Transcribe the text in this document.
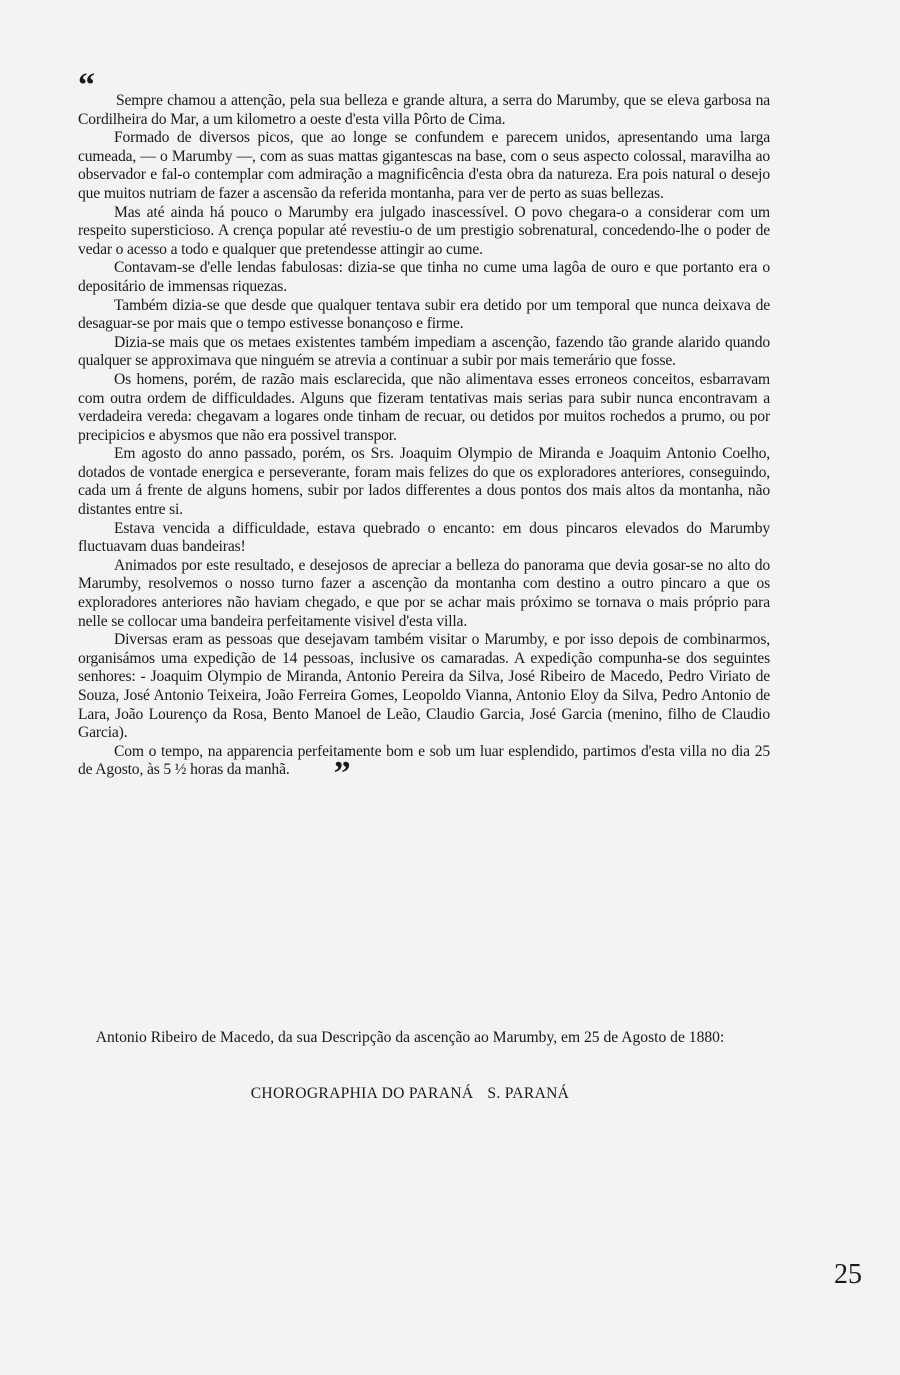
“	Sempre chamou a attenção, pela sua belleza e grande altura, a serra do Marumby, que se eleva garbosa na Cordilheira do Mar, a um kilometro a oeste d'esta villa Pôrto de Cima.

Formado de diversos picos, que ao longe se confundem e parecem unidos, apresentando uma larga cumeada, — o Marumby —, com as suas mattas gigantescas na base, com o seus aspecto colossal, maravilha ao observador e fal-o contemplar com admiração a magnificência d'esta obra da natureza. Era pois natural o desejo que muitos nutriam de fazer a ascensão da referida montanha, para ver de perto as suas bellezas.

Mas até ainda há pouco o Marumby era julgado inascessível. O povo chegara-o a considerar com um respeito supersticioso. A crença popular até revestiu-o de um prestigio sobrenatural, concedendo-lhe o poder de vedar o acesso a todo e qualquer que pretendesse attingir ao cume.

Contavam-se d'elle lendas fabulosas: dizia-se que tinha no cume uma lagôa de ouro e que portanto era o depositário de immensas riquezas.

Também dizia-se que desde que qualquer tentava subir era detido por um temporal que nunca deixava de desaguar-se por mais que o tempo estivesse bonançoso e firme.

Dizia-se mais que os metaes existentes também impediam a ascenção, fazendo tão grande alarido quando qualquer se approximava que ninguém se atrevia a continuar a subir por mais temerário que fosse.

Os homens, porém, de razão mais esclarecida, que não alimentava esses erroneos conceitos, esbarravam com outra ordem de difficuldades. Alguns que fizeram tentativas mais serias para subir nunca encontravam a verdadeira vereda: chegavam a logares onde tinham de recuar, ou detidos por muitos rochedos a prumo, ou por precipicios e abysmos que não era possivel transpor.

Em agosto do anno passado, porém, os Srs. Joaquim Olympio de Miranda e Joaquim Antonio Coelho, dotados de vontade energica e perseverante, foram mais felizes do que os exploradores anteriores, conseguindo, cada um á frente de alguns homens, subir por lados differentes a dous pontos dos mais altos da montanha, não distantes entre si.

Estava vencida a difficuldade, estava quebrado o encanto: em dous pincaros elevados do Marumby fluctuavam duas bandeiras!

Animados por este resultado, e desejosos de apreciar a belleza do panorama que devia gosar-se no alto do Marumby, resolvemos o nosso turno fazer a ascenção da montanha com destino a outro pincaro a que os exploradores anteriores não haviam chegado, e que por se achar mais próximo se tornava o mais próprio para nelle se collocar uma bandeira perfeitamente visivel d'esta villa.

Diversas eram as pessoas que desejavam também visitar o Marumby, e por isso depois de combinarmos, organisámos uma expedição de 14 pessoas, inclusive os camaradas. A expedição compunha-se dos seguintes senhores: - Joaquim Olympio de Miranda, Antonio Pereira da Silva, José Ribeiro de Macedo, Pedro Viriato de Souza, José Antonio Teixeira, João Ferreira Gomes, Leopoldo Vianna, Antonio Eloy da Silva, Pedro Antonio de Lara, João Lourenço da Rosa, Bento Manoel de Leão, Claudio Garcia, José Garcia (menino, filho de Claudio Garcia).

Com o tempo, na apparencia perfeitamente bom e sob um luar esplendido, partimos d'esta villa no dia 25 de Agosto, às 5 ½ horas da manhã. ”

Antonio Ribeiro de Macedo, da sua Descripção da ascenção ao Marumby, em 25 de Agosto de 1880:
CHOROGRAPHIA DO PARANÁ S. PARANÁ
25
